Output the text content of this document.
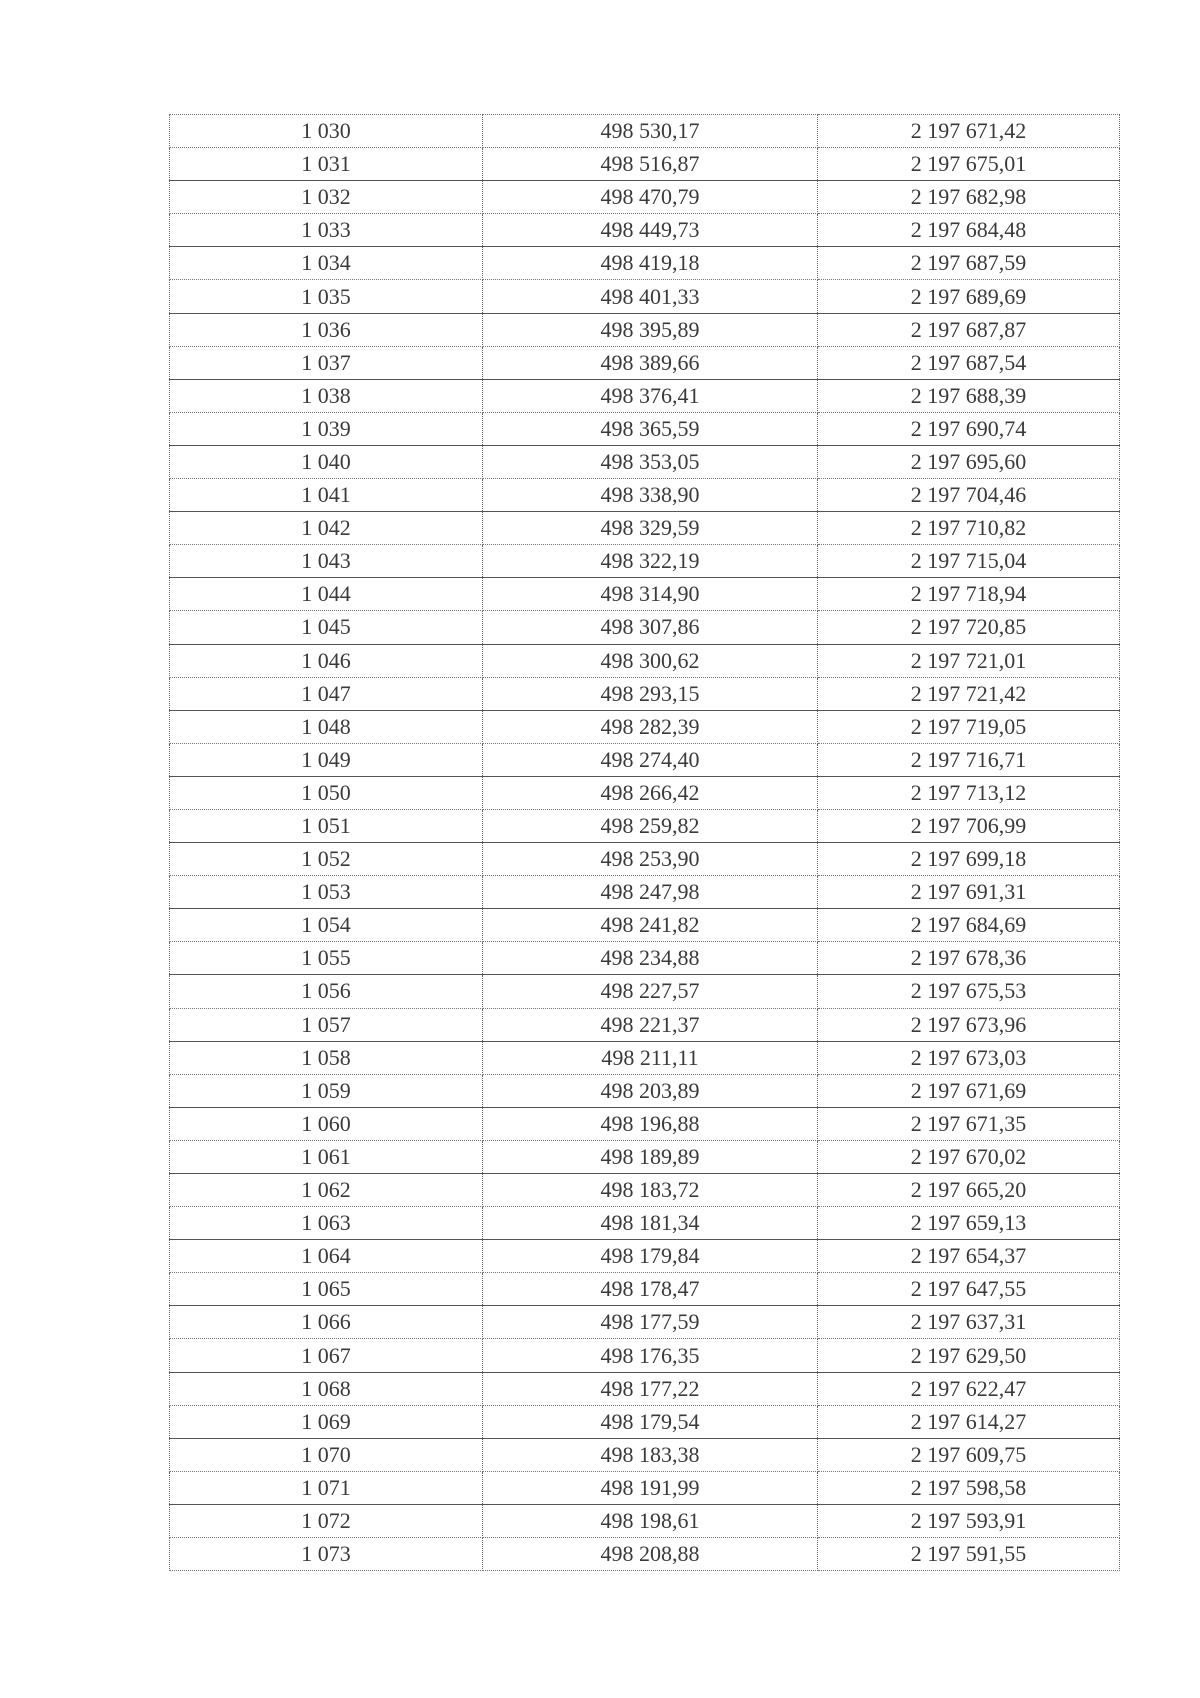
1 030	498 530,17	2 197 671,42
1 031	498 516,87	2 197 675,01
1 032	498 470,79	2 197 682,98
1 033	498 449,73	2 197 684,48
1 034	498 419,18	2 197 687,59
1 035	498 401,33	2 197 689,69
1 036	498 395,89	2 197 687,87
1 037	498 389,66	2 197 687,54
1 038	498 376,41	2 197 688,39
1 039	498 365,59	2 197 690,74
1 040	498 353,05	2 197 695,60
1 041	498 338,90	2 197 704,46
1 042	498 329,59	2 197 710,82
1 043	498 322,19	2 197 715,04
1 044	498 314,90	2 197 718,94
1 045	498 307,86	2 197 720,85
1 046	498 300,62	2 197 721,01
1 047	498 293,15	2 197 721,42
1 048	498 282,39	2 197 719,05
1 049	498 274,40	2 197 716,71
1 050	498 266,42	2 197 713,12
1 051	498 259,82	2 197 706,99
1 052	498 253,90	2 197 699,18
1 053	498 247,98	2 197 691,31
1 054	498 241,82	2 197 684,69
1 055	498 234,88	2 197 678,36
1 056	498 227,57	2 197 675,53
1 057	498 221,37	2 197 673,96
1 058	498 211,11	2 197 673,03
1 059	498 203,89	2 197 671,69
1 060	498 196,88	2 197 671,35
1 061	498 189,89	2 197 670,02
1 062	498 183,72	2 197 665,20
1 063	498 181,34	2 197 659,13
1 064	498 179,84	2 197 654,37
1 065	498 178,47	2 197 647,55
1 066	498 177,59	2 197 637,31
1 067	498 176,35	2 197 629,50
1 068	498 177,22	2 197 622,47
1 069	498 179,54	2 197 614,27
1 070	498 183,38	2 197 609,75
1 071	498 191,99	2 197 598,58
1 072	498 198,61	2 197 593,91
1 073	498 208,88	2 197 591,55
